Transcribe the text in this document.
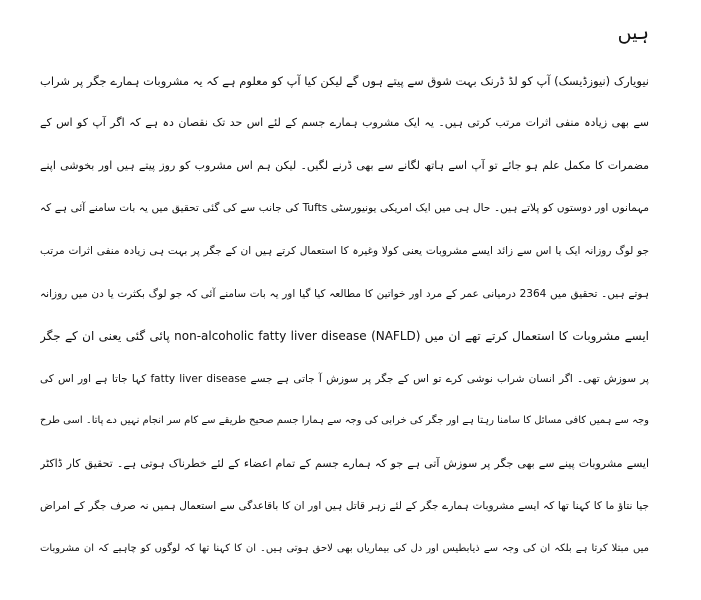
ہیں
نیویارک (نیوزڈیسک) آپ کو لڈ ڈرنک بہت شوق سے پیتے ہوں گے لیکن کیا آپ کو معلوم ہے کہ یہ مشروبات ہمارے جگر پر شراب
سے بھی زیادہ منفی اثرات مرتب کرتی ہیں۔ یہ ایک مشروب ہمارے جسم کے لئے اس حد تک نقصان دہ ہے کہ اگر آپ کو اس کے
مضمرات کا مکمل علم ہو جائے تو آپ اسے ہاتھ لگانے سے بھی ڈرنے لگیں۔ لیکن ہم اس مشروب کو روز پیتے ہیں اور بخوشی اپنے
مہمانوں اور دوستوں کو پلاتے ہیں۔ حال ہی میں ایک امریکی یونیورسٹی Tufts کی جانب سے کی گئی تحقیق میں یہ بات سامنے آئی ہے کہ
جو لوگ روزانہ ایک یا اس سے زائد ایسے مشروبات یعنی کولا وغیرہ کا استعمال کرتے ہیں ان کے جگر پر بہت ہی زیادہ منفی اثرات مرتب
ہوتے ہیں۔ تحقیق میں 2364 درمیانی عمر کے مرد اور خواتین کا مطالعہ کیا گیا اور یہ بات سامنے آئی کہ جو لوگ بکثرت یا دن میں روزانہ
ایسے مشروبات کا استعمال کرتے تھے ان میں (NAFLD) non-alcoholic fatty liver disease پائی گئی یعنی ان کے جگر
پر سوزش تھی۔ اگر انسان شراب نوشی کرے تو اس کے جگر پر سوزش آ جاتی ہے جسے fatty liver disease کہا جاتا ہے اور اس کی
وجہ سے ہمیں کافی مسائل کا سامنا رہتا ہے اور جگر کی خرابی کی وجہ سے ہمارا جسم صحیح طریقے سے کام سر انجام نہیں دے پاتا۔ اسی طرح
ایسے مشروبات پینے سے بھی جگر پر سوزش آتی ہے جو کہ ہمارے جسم کے تمام اعضاء کے لئے خطرناک ہوتی ہے۔ تحقیق کار ڈاکٹر
جیا نتاؤ ما کا کہنا تھا کہ ایسے مشروبات ہمارے جگر کے لئے زہر قاتل ہیں اور ان کا باقاعدگی سے استعمال ہمیں نہ صرف جگر کے امراض
میں مبتلا کرتا ہے بلکہ ان کی وجہ سے ذیابطیس اور دل کی بیماریاں بھی لاحق ہوتی ہیں۔ ان کا کہنا تھا کہ لوگوں کو چاہیے کہ ان مشروبات
